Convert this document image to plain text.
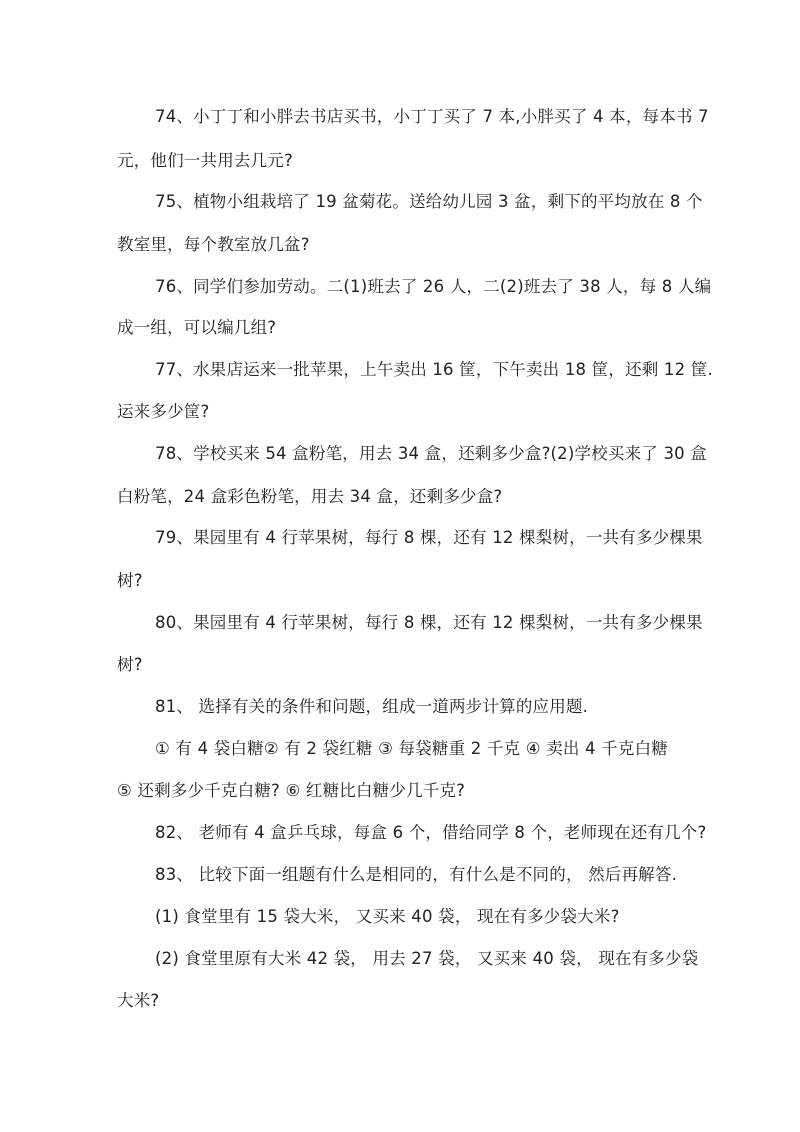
74、小丁丁和小胖去书店买书，小丁丁买了 7 本,小胖买了 4 本，每本书 7
元，他们一共用去几元?
75、植物小组栽培了 19 盆菊花。送给幼儿园 3 盆，剩下的平均放在 8 个
教室里，每个教室放几盆?
76、同学们参加劳动。二(1)班去了 26 人，二(2)班去了 38 人，每 8 人编
成一组，可以编几组?
77、水果店运来一批苹果，上午卖出 16 筐，下午卖出 18 筐，还剩 12 筐.
运来多少筐?
78、学校买来 54 盒粉笔，用去 34 盒，还剩多少盒?(2)学校买来了 30 盒
白粉笔，24 盒彩色粉笔，用去 34 盒，还剩多少盒?
79、果园里有 4 行苹果树，每行 8 棵，还有 12 棵梨树，一共有多少棵果
树?
80、果园里有 4 行苹果树，每行 8 棵，还有 12 棵梨树，一共有多少棵果
树?
81、 选择有关的条件和问题，组成一道两步计算的应用题.
① 有 4 袋白糖② 有 2 袋红糖 ③ 每袋糖重 2 千克 ④ 卖出 4 千克白糖
⑤ 还剩多少千克白糖? ⑥ 红糖比白糖少几千克?
82、 老师有 4 盒乒乓球，每盒 6 个，借给同学 8 个，老师现在还有几个?
83、 比较下面一组题有什么是相同的，有什么是不同的， 然后再解答.
(1) 食堂里有 15 袋大米， 又买来 40 袋， 现在有多少袋大米?
(2) 食堂里原有大米 42 袋， 用去 27 袋， 又买来 40 袋， 现在有多少袋
大米?
